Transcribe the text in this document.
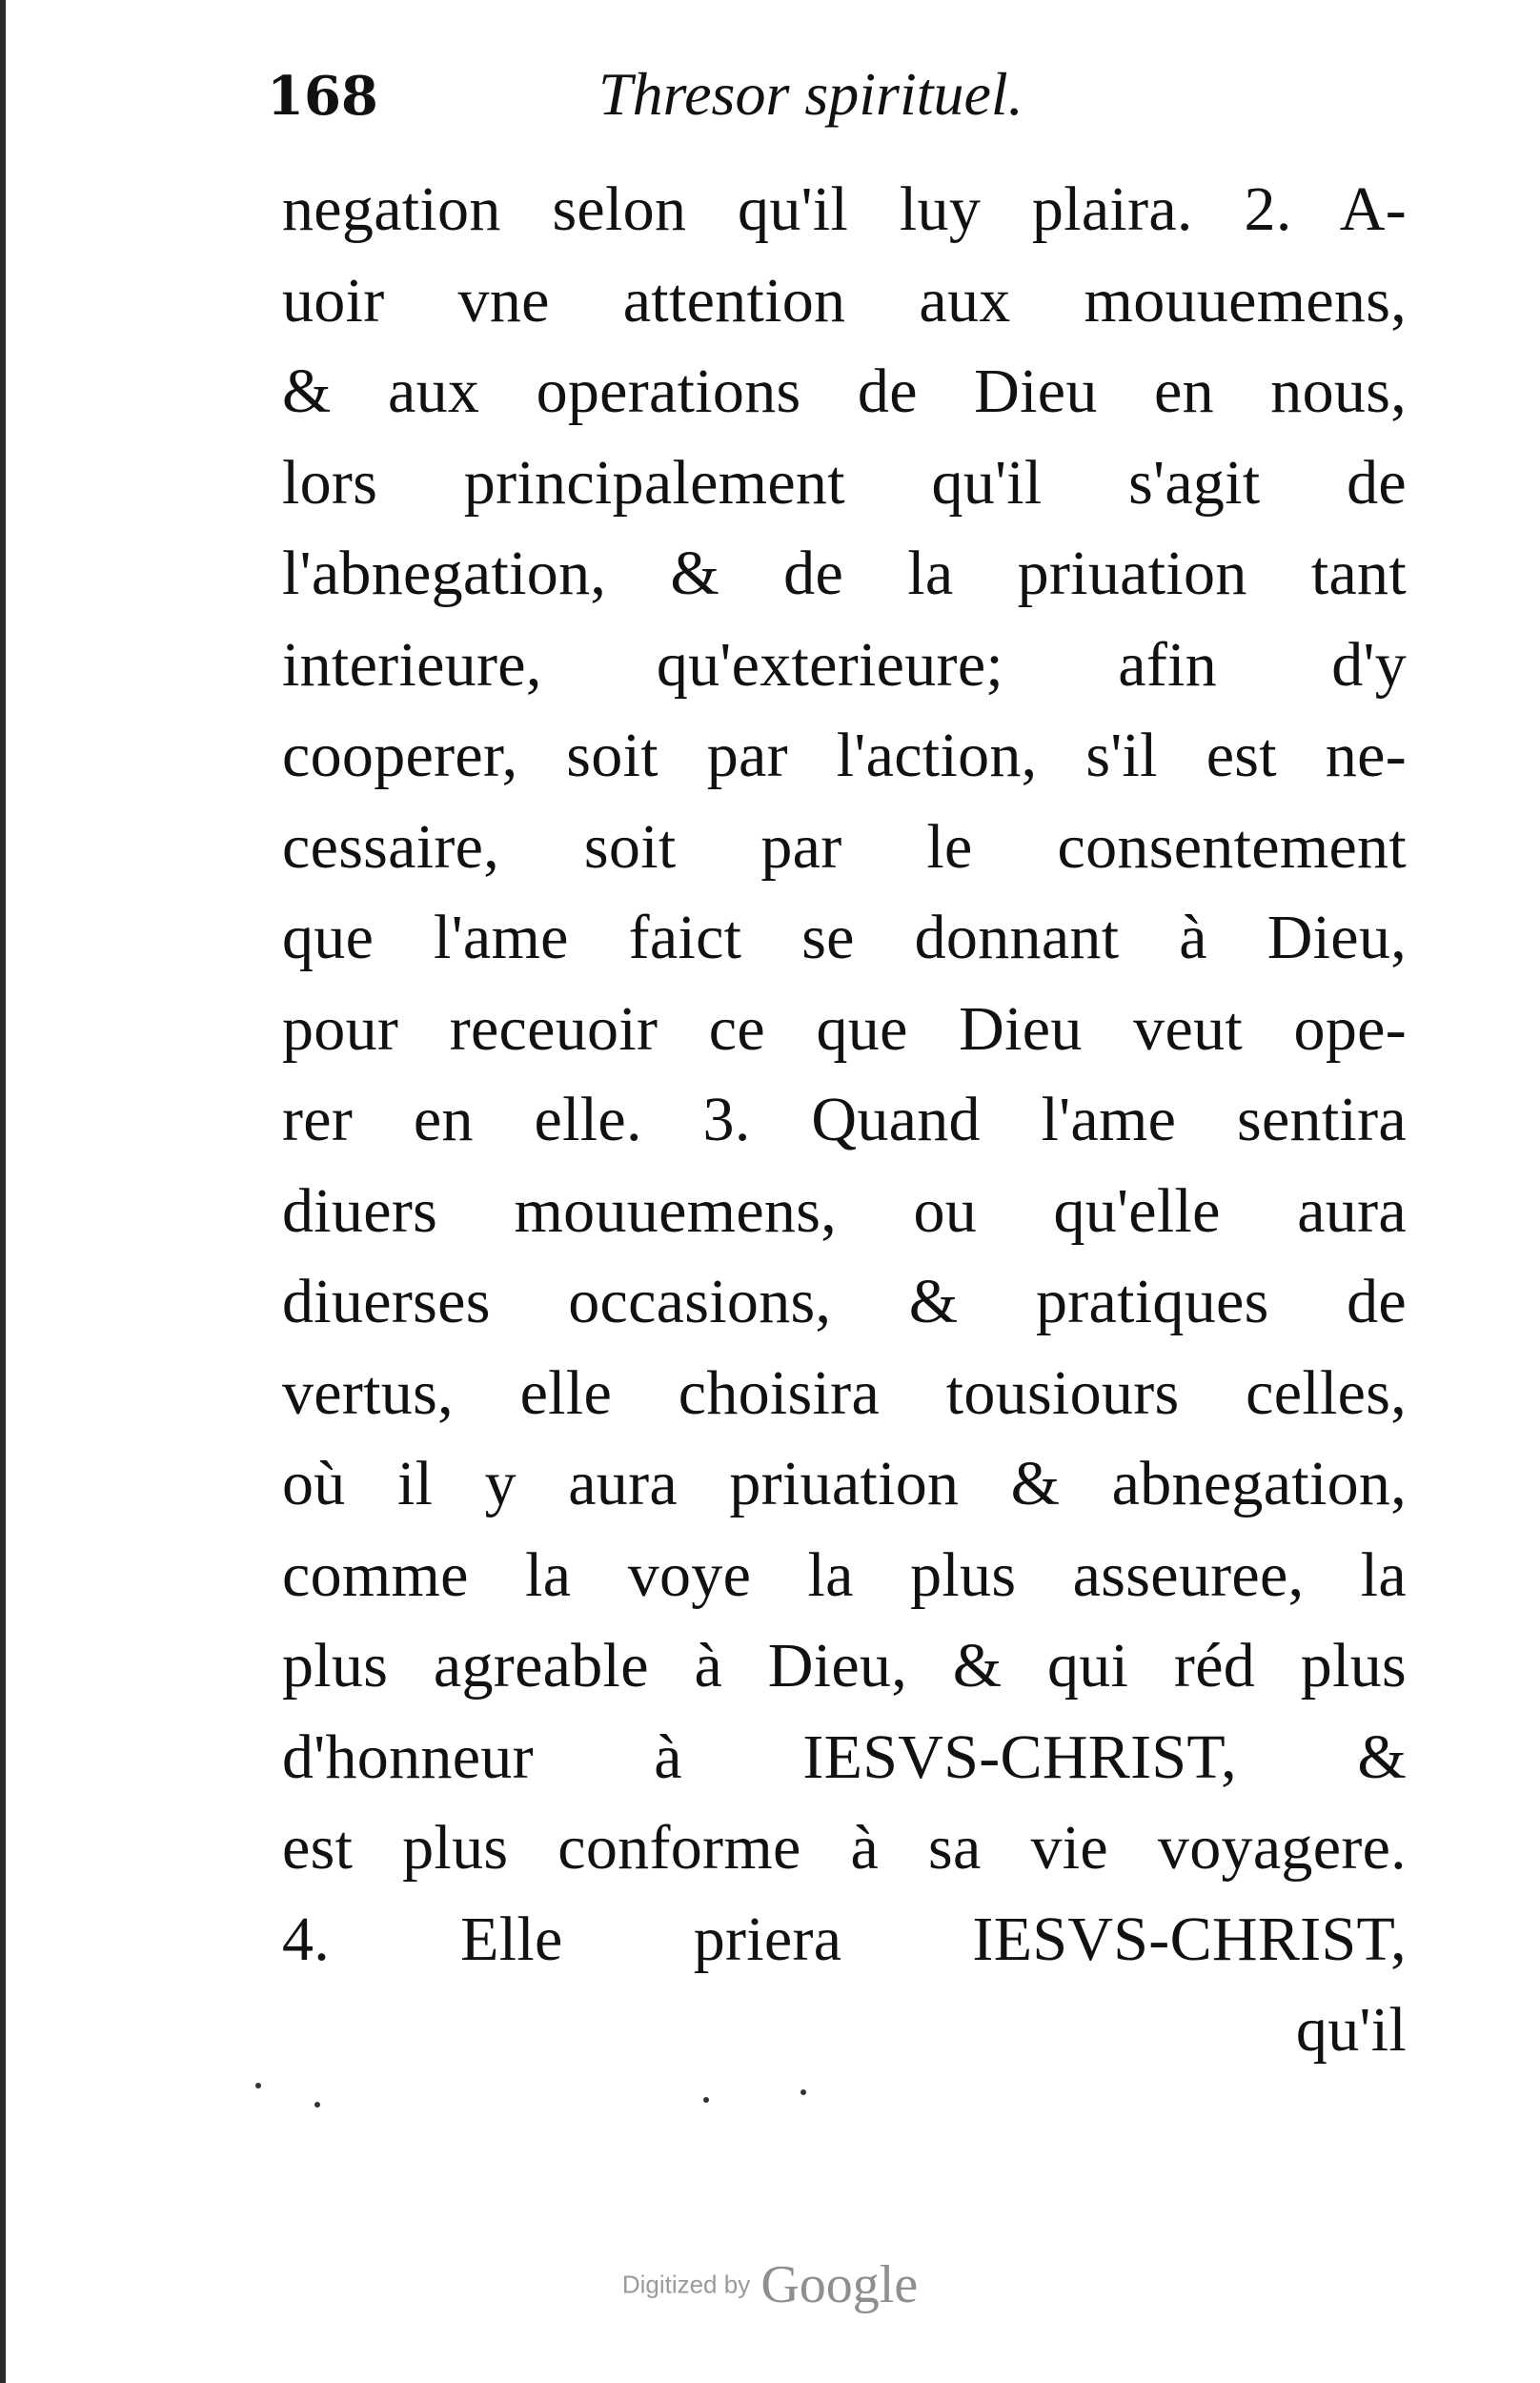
168	Thresor spirituel.
negation selon qu'il luy plaira. 2. A-
uoir vne attention aux mouuemens,
& aux operations de Dieu en nous,
lors principalement qu'il s'agit de
l'abnegation, & de la priuation tant
interieure, qu'exterieure; afin d'y
cooperer, soit par l'action, s'il est ne-
cessaire, soit par le consentement
que l'ame faict se donnant à Dieu,
pour receuoir ce que Dieu veut ope-
rer en elle. 3. Quand l'ame sentira
diuers mouuemens, ou qu'elle aura
diuerses occasions, & pratiques de
vertus, elle choisira tousiours celles,
où il y aura priuation & abnegation,
comme la voye la plus asseuree, la
plus agreable à Dieu, & qui réd plus
d'honneur à IESVS-CHRIST, &
est plus conforme à sa vie voyagere.
4. Elle priera IESVS-CHRIST,
qu'il
Digitized by Google
